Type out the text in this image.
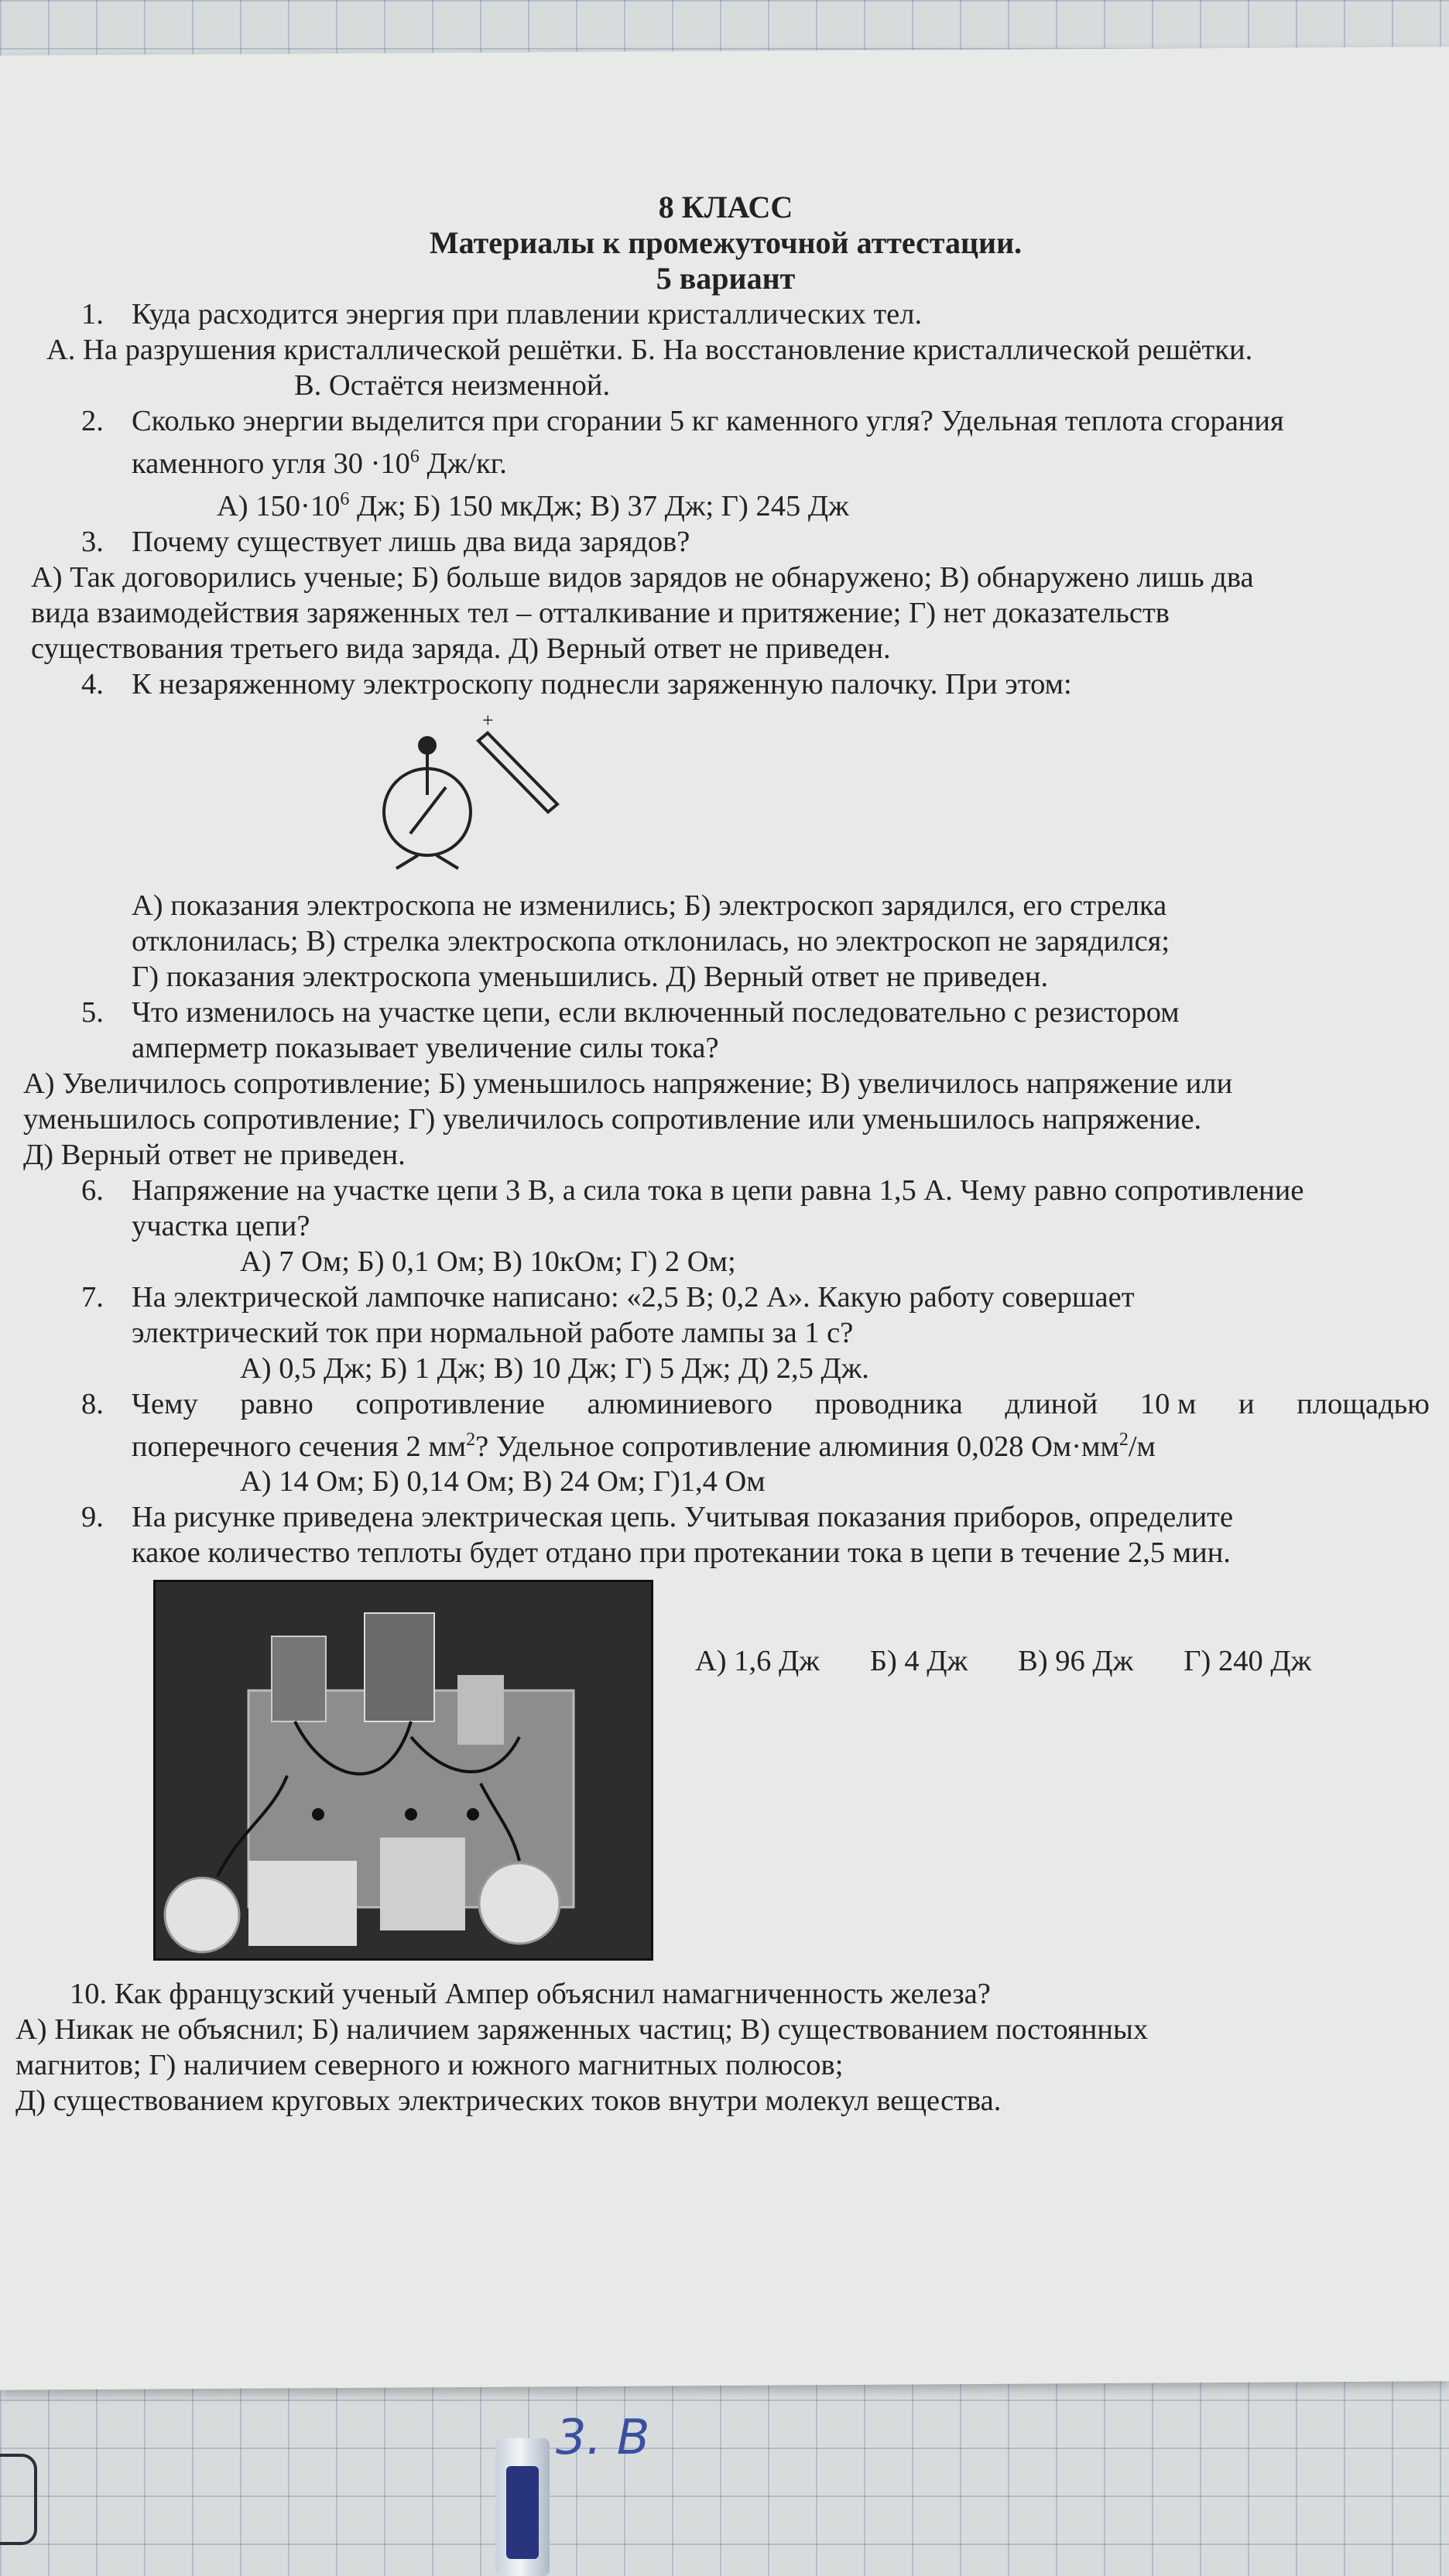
8 КЛАСС
Материалы к промежуточной аттестации.
5 вариант
1. Куда расходится энергия при плавлении кристаллических тел.
А. На разрушения кристаллической решётки. Б. На восстановление кристаллической решётки.
В. Остаётся неизменной.
2. Сколько энергии выделится при сгорании 5 кг каменного угля? Удельная теплота сгорания
каменного угля $30 \cdot 10^6$ Дж/кг.
А) $150\cdot 10^6$ Дж; Б) 150 мкДж; В) 37 Дж; Г) 245 Дж
3. Почему существует лишь два вида зарядов?
А) Так договорились ученые; Б) больше видов зарядов не обнаружено; В) обнаружено лишь два
вида взаимодействия заряженных тел – отталкивание и притяжение; Г) нет доказательств
существования третьего вида заряда. Д) Верный ответ не приведен.
4. К незаряженному электроскопу поднесли заряженную палочку. При этом:
+
А) показания электроскопа не изменились; Б) электроскоп зарядился, его стрелка
отклонилась; В) стрелка электроскопа отклонилась, но электроскоп не зарядился;
Г) показания электроскопа уменьшились. Д) Верный ответ не приведен.
5. Что изменилось на участке цепи, если включенный последовательно с резистором
амперметр показывает увеличение силы тока?
А) Увеличилось сопротивление; Б) уменьшилось напряжение; В) увеличилось напряжение или
уменьшилось сопротивление; Г) увеличилось сопротивление или уменьшилось напряжение.
Д) Верный ответ не приведен.
6. Напряжение на участке цепи 3 В, а сила тока в цепи равна 1,5 А. Чему равно сопротивление
участка цепи?
А) 7 Ом; Б) 0,1 Ом; В) 10кОм; Г) 2 Ом;
7. На электрической лампочке написано: «2,5 В; 0,2 А». Какую работу совершает
электрический ток при нормальной работе лампы за 1 с?
А) 0,5 Дж; Б) 1 Дж; В) 10 Дж; Г) 5 Дж; Д) 2,5 Дж.
8. Чему равно сопротивление алюминиевого проводника длиной 10 м и площадью
поперечного сечения 2 $мм^2$? Удельное сопротивление алюминия 0,028 $Ом\cdot мм^2/м$
А) 14 Ом; Б) 0,14 Ом; В) 24 Ом; Г)1,4 Ом
9. На рисунке приведена электрическая цепь. Учитывая показания приборов, определите
какое количество теплоты будет отдано при протекании тока в цепи в течение 2,5 мин.
А) 1,6 Дж Б) 4 Дж В) 96 Дж Г) 240 Дж
10. Как французский ученый Ампер объяснил намагниченность железа?
А) Никак не объяснил; Б) наличием заряженных частиц; В) существованием постоянных
магнитов; Г) наличием северного и южного магнитных полюсов;
Д) существованием круговых электрических токов внутри молекул вещества.
3. В
